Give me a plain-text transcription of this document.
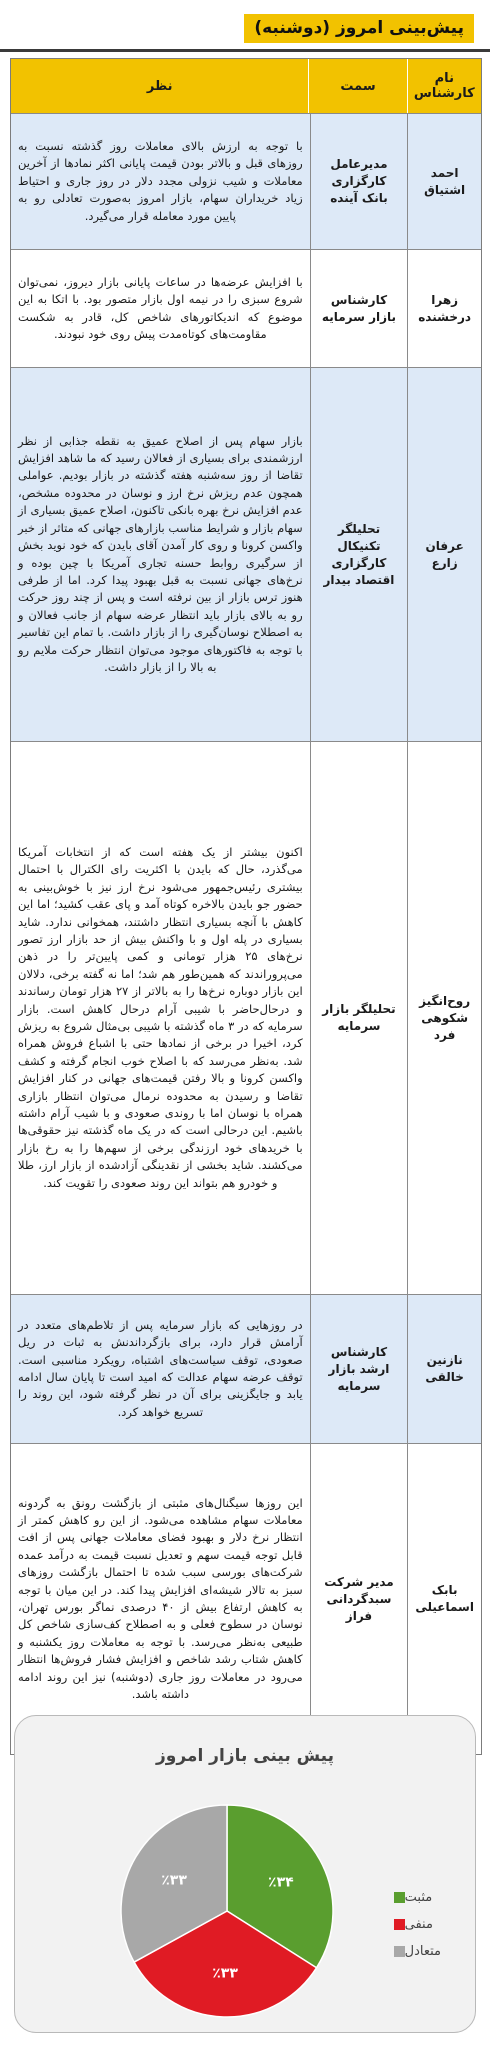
پیش‌بینی امروز (دوشنبه)
نام کارشناس
سمت
نظر
احمد اشتیاق
مدیرعامل کارگزاری بانک آینده
با توجه به ارزش بالای معاملات روز گذشته نسبت به روزهای قبل و بالاتر بودن قیمت پایانی اکثر نمادها از آخرین معاملات و شیب نزولی مجدد دلار در روز جاری و احتیاط زیاد خریداران سهام، بازار امروز به‌صورت تعادلی رو به پایین مورد معامله قرار می‌گیرد.
زهرا درخشنده
کارشناس بازار سرمایه
با افزایش عرضه‌ها در ساعات پایانی بازار دیروز، نمی‌توان شروع سبزی را در نیمه اول بازار متصور بود. با اتکا به این موضوع که اندیکاتورهای شاخص کل، قادر به شکست مقاومت‌های کوتاه‌مدت پیش روی خود نبودند.
عرفان زارع
تحلیلگر تکنیکال کارگزاری اقتصاد بیدار
بازار سهام پس از اصلاح عمیق به نقطه جذابی از نظر ارزشمندی برای بسیاری از فعالان رسید که ما شاهد افزایش تقاضا از روز سه‌شنبه هفته گذشته در بازار بودیم. عواملی همچون عدم ریزش نرخ ارز و نوسان در محدوده مشخص، عدم افزایش نرخ بهره بانکی تاکنون، اصلاح عمیق بسیاری از سهام بازار و شرایط مناسب بازارهای جهانی که متاثر از خبر واکسن کرونا و روی کار آمدن آقای بایدن که خود نوید بخش از سرگیری روابط حسنه تجاری آمریکا با چین بوده و نرخ‌های جهانی نسبت به قبل بهبود پیدا کرد. اما از طرفی هنوز ترس بازار از بین نرفته است و پس از چند روز حرکت رو به بالای بازار باید انتظار عرضه سهام از جانب فعالان و به اصطلاح نوسان‌گیری را از بازار داشت. با تمام این تفاسیر با توجه به فاکتورهای موجود می‌توان انتظار حرکت ملایم رو به بالا را از بازار داشت.
روح‌انگیز شکوهی فرد
تحلیلگر بازار سرمایه
اکنون بیشتر از یک هفته است که از انتخابات آمریکا می‌گذرد، حال که بایدن با اکثریت رای الکترال با احتمال بیشتری رئیس‌جمهور می‌شود نرخ ارز نیز با خوش‌بینی به حضور جو بایدن بالاخره کوتاه آمد و پای عقب کشید؛ اما این کاهش با آنچه بسیاری انتظار داشتند، همخوانی ندارد. شاید بسیاری در پله اول و با واکنش بیش از حد بازار ارز تصور نرخ‌های ۲۵ هزار تومانی و کمی پایین‌تر را در ذهن می‌پروراندند که همین‌طور هم شد؛ اما نه گفته برخی، دلالان این بازار دوباره نرخ‌ها را به بالاتر از ۲۷ هزار تومان رساندند و درحال‌حاضر با شیبی آرام درحال کاهش است. بازار سرمایه که در ۳ ماه گذشته با شیبی بی‌مثال شروع به ریزش کرد، اخیرا در برخی از نمادها حتی با اشباع فروش همراه شد. به‌نظر می‌رسد که با اصلاح خوب انجام گرفته و کشف واکسن کرونا و بالا رفتن قیمت‌های جهانی در کنار افزایش تقاضا و رسیدن به محدوده نرمال می‌توان انتظار بازاری همراه با نوسان اما با روندی صعودی و با شیب آرام داشته باشیم. این درحالی است که در یک ماه گذشته نیز حقوقی‌ها با خریدهای خود ارزندگی برخی از سهم‌ها را به رخ بازار می‌کشند. شاید بخشی از نقدینگی آزادشده از بازار ارز، طلا و خودرو هم بتواند این روند صعودی را تقویت کند.
نازنین خالقی
کارشناس ارشد بازار سرمایه
در روزهایی که بازار سرمایه پس از تلاطم‌های متعدد در آرامش قرار دارد، برای بازگرداندنش به ثبات در ریل صعودی، توقف سیاست‌های اشتباه، رویکرد مناسبی است. توقف عرضه سهام عدالت که امید است تا پایان سال ادامه یابد و جایگزینی برای آن در نظر گرفته شود، این روند را تسریع خواهد کرد.
بابک اسماعیلی
مدیر شرکت سبدگردانی فراز
این روزها سیگنال‌های مثبتی از بازگشت رونق به گردونه معاملات سهام مشاهده می‌شود. از این رو کاهش کمتر از انتظار نرخ دلار و بهبود فضای معاملات جهانی پس از افت قابل توجه قیمت سهم و تعدیل نسبت قیمت به درآمد عمده شرکت‌های بورسی سبب شده تا احتمال بازگشت روزهای سبز به تالار شیشه‌ای افزایش پیدا کند. در این میان با توجه به کاهش ارتفاع بیش از ۴۰ درصدی نماگر بورس تهران، نوسان در سطوح فعلی و به اصطلاح کف‌سازی شاخص کل طبیعی به‌نظر می‌رسد. با توجه به معاملات روز یکشنبه و کاهش شتاب رشد شاخص و افزایش فشار فروش‌ها انتظار می‌رود در معاملات روز جاری (دوشنبه) نیز این روند ادامه داشته باشد.
پیش بینی بازار امروز
٪۳۴
٪۳۳
٪۳۳
مثبت
منفی
متعادل
